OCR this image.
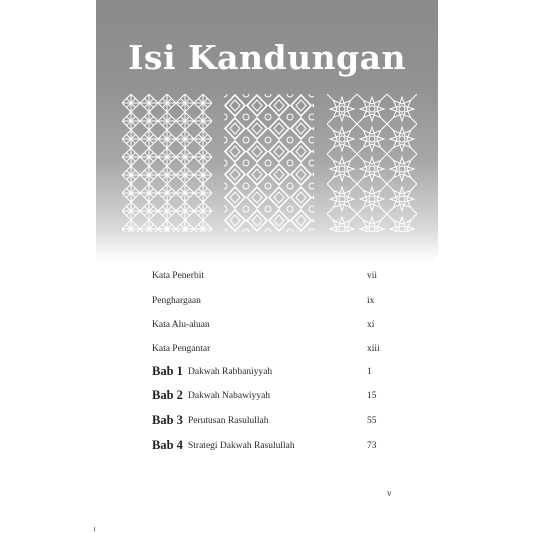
Isi Kandungan
Kata Penerbit	vii
Penghargaan	ix
Kata Alu-aluan	xi
Kata Pengantar	xiii
Bab 1 Dakwah Rabbaniyyah	1
Bab 2 Dakwah Nabawiyyah	15
Bab 3 Perutusan Rasulullah	55
Bab 4 Strategi Dakwah Rasulullah	73
v
